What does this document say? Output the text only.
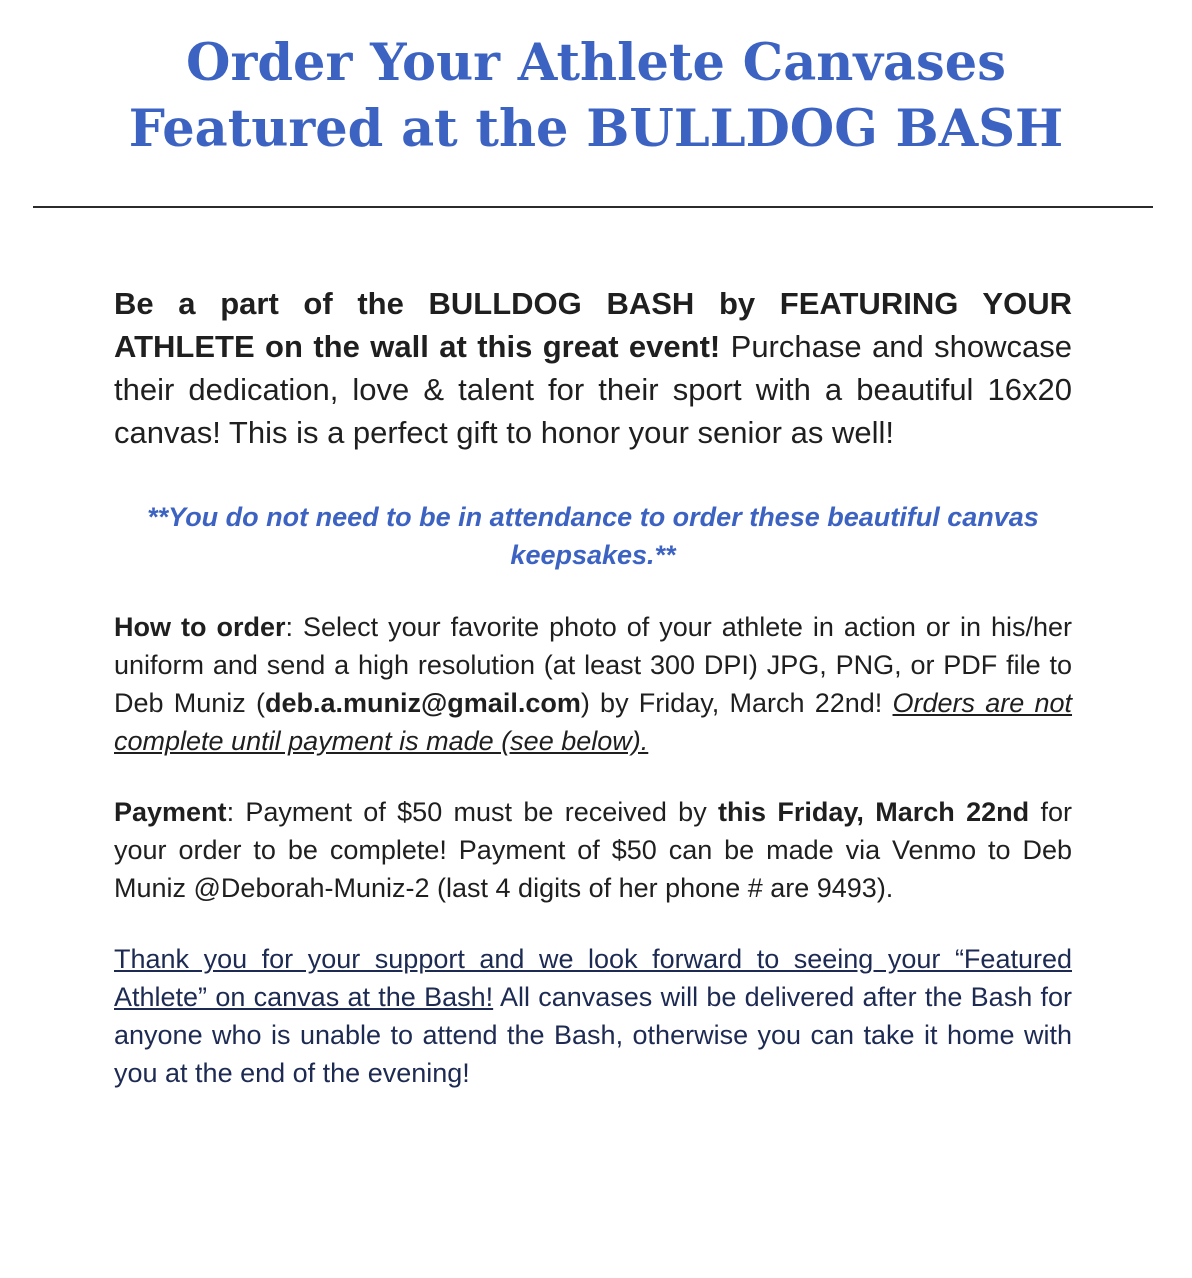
Order Your Athlete Canvases
Featured at the BULLDOG BASH

Be a part of the BULLDOG BASH by FEATURING YOUR ATHLETE on the wall at this great event! Purchase and showcase their dedication, love & talent for their sport with a beautiful 16x20 canvas! This is a perfect gift to honor your senior as well!

**You do not need to be in attendance to order these beautiful canvas keepsakes.**

How to order: Select your favorite photo of your athlete in action or in his/her uniform and send a high resolution (at least 300 DPI) JPG, PNG, or PDF file to Deb Muniz (deb.a.muniz@gmail.com) by Friday, March 22nd! Orders are not complete until payment is made (see below).

Payment: Payment of $50 must be received by this Friday, March 22nd for your order to be complete! Payment of $50 can be made via Venmo to Deb Muniz @Deborah-Muniz-2 (last 4 digits of her phone # are 9493).

Thank you for your support and we look forward to seeing your “Featured Athlete” on canvas at the Bash! All canvases will be delivered after the Bash for anyone who is unable to attend the Bash, otherwise you can take it home with you at the end of the evening!
